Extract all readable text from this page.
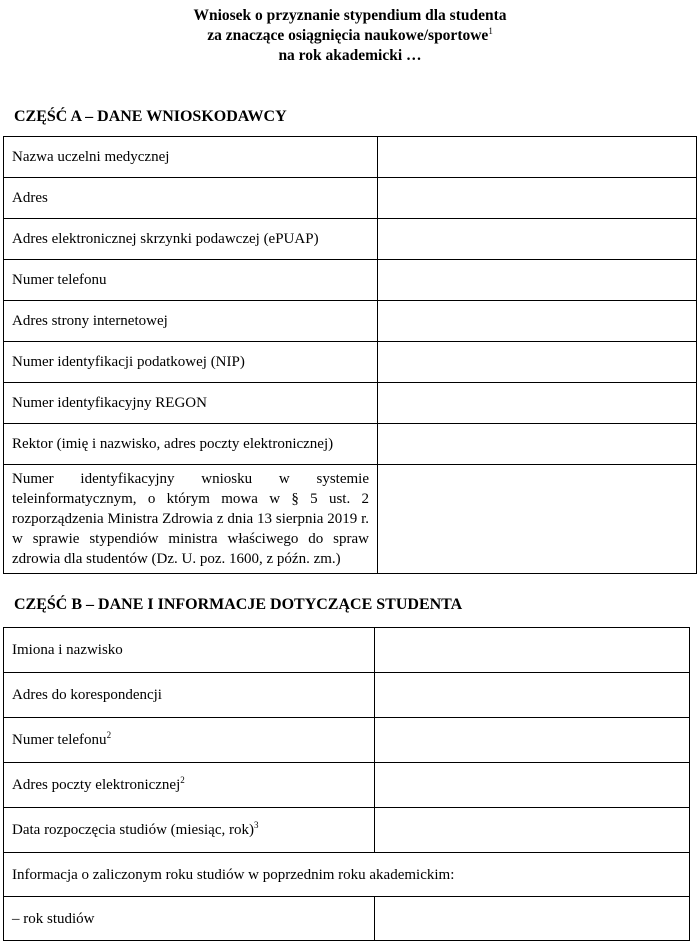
Wniosek o przyznanie stypendium dla studenta
za znaczące osiągnięcia naukowe/sportowe$^1$
na rok akademicki …
CZĘŚĆ A – DANE WNIOSKODAWCY
Nazwa uczelni medycznej	
Adres	
Adres elektronicznej skrzynki podawczej (ePUAP)	
Numer telefonu	
Adres strony internetowej	
Numer identyfikacji podatkowej (NIP)	
Numer identyfikacyjny REGON	
Rektor (imię i nazwisko, adres poczty elektronicznej)	
Numer identyfikacyjny wniosku w systemie teleinformatycznym, o którym mowa w § 5 ust. 2 rozporządzenia Ministra Zdrowia z dnia 13 sierpnia 2019 r. w sprawie stypendiów ministra właściwego do spraw zdrowia dla studentów (Dz. U. poz. 1600, z późn. zm.)	
CZĘŚĆ B – DANE I INFORMACJE DOTYCZĄCE STUDENTA
Imiona i nazwisko	
Adres do korespondencji	
Numer telefonu$^2$	
Adres poczty elektronicznej$^2$	
Data rozpoczęcia studiów (miesiąc, rok)$^3$	
Informacja o zaliczonym roku studiów w poprzednim roku akademickim:	
– rok studiów	
